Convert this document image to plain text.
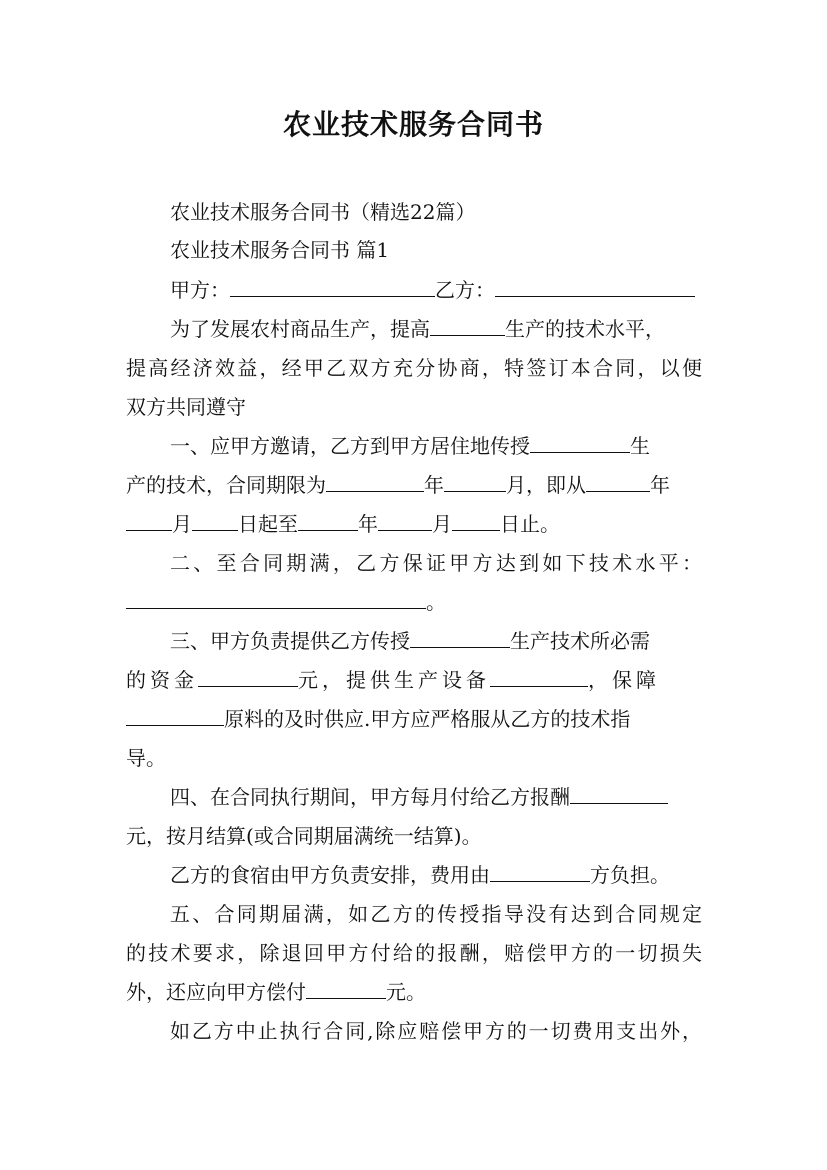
农业技术服务合同书

农业技术服务合同书（精选22篇）

农业技术服务合同书 篇1

甲方：	乙方：

为了发展农村商品生产，提高	生产的技术水平，

提高经济效益，经甲乙双方充分协商，特签订本合同，以便

双方共同遵守

一、应甲方邀请，乙方到甲方居住地传授	生

产的技术，合同期限为	年	月，即从	年

月 日起至	年	月 日止。

二、至合同期满，乙方保证甲方达到如下技术水平：

。

三、甲方负责提供乙方传授	生产技术所必需

的资金	元，提供生产设备	，保障

原料的及时供应.甲方应严格服从乙方的技术指

导。

四、在合同执行期间，甲方每月付给乙方报酬

元，按月结算(或合同期届满统一结算)。

乙方的食宿由甲方负责安排，费用由	方负担。

五、合同期届满，如乙方的传授指导没有达到合同规定

的技术要求，除退回甲方付给的报酬，赔偿甲方的一切损失

外，还应向甲方偿付	元。

如乙方中止执行合同,除应赔偿甲方的一切费用支出外，
